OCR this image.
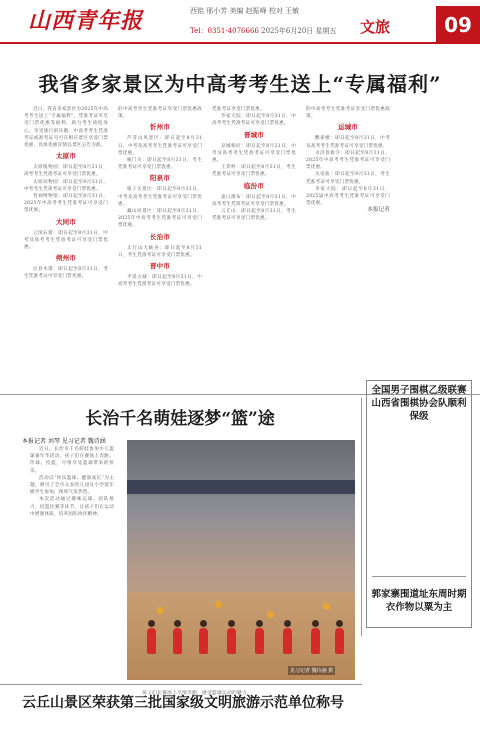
山西青年报	西铭 邢小芳 美编 赵振峰 校对 王敏
Tel：0351-4076666 2025年6月20日 星期五 文旅	09
我省多家景区为中高考考生送上“专属福利”

近日，我省多家景区为2025年中高考考生送上“专属福利”，凭准考证可享受门票优惠等福利，助力考生放松身心，享受旅行的乐趣。中高考考生凭准考证或准考证号可在相应景区享受门票优惠，具体优惠详情以景区公告为准。

太原市

太原植物园：即日起至8月31日，高考考生凭准考证可享受门票优惠。

太原动物园：即日起至8月31日，中考考生凭准考证可享受门票优惠。

晋祠博物馆：即日起至8月31日，2025年中高考考生凭准考证可享受门票优惠。

大同市

云冈石窟：即日起至8月31日，中考及高考考生凭准考证可享受门票优惠。

朔州市

应县木塔：即日起至8月31日，考生凭准考证可享受门票优惠。

的中高考考生凭准考证享受门票优惠政策。

忻州市

芦芽山风景区：即日起至8月31日，中考及高考考生凭准考证可享受门票优惠。

雁门关：即日起至8月31日，考生凭准考证可享受门票优惠。

阳泉市

娘子关景区：即日起至8月31日，中考及高考考生凭准考证可享受门票优惠。

藏山风景区：即日起至8月31日，2025年中高考考生凭准考证可享受门票优惠。

长治市

太行山大峡谷：即日起至8月31日，考生凭准考证可享受门票优惠。

晋中市

平遥古城：即日起至8月31日，中高考考生凭准考证可享受门票优惠。

凭准考证享受门票优惠。

乔家大院：即日起至8月31日，中高考考生凭准考证可享受门票优惠。

晋城市

皇城相府：即日起至8月31日，中考及高考考生凭准考证可享受门票优惠。

王莽岭：即日起至8月31日，考生凭准考证可享受门票优惠。

临汾市

壶口瀑布：即日起至8月31日，中高考考生凭准考证可享受门票优惠。

云丘山：即日起至8月31日，考生凭准考证可享受门票优惠。

的中高考考生凭准考证享受门票优惠政策。

运城市

鹳雀楼：即日起至8月31日，中考及高考考生凭准考证可享受门票优惠。

永济普救寺：即日起至8月31日，2025年中高考考生凭准考证可享受门票优惠。

关帝庙：即日起至8月31日，考生凭准考证可享受门票优惠。

李家大院：即日起至8月31日，2025届中高考考生凭准考证可享受门票优惠。

本报记者

长治千名萌娃逐梦“篮”途
本报记者 刘琴 见习记者 魏诗涵

近日，长治市千名萌娃参加少儿篮球嘉年华活动，孩子们在赛场上奔跑、传球、投篮，尽情享受篮球带来的快乐。

活动以“快乐篮球、健康成长”为主题，吸引了全市众多幼儿园及小学低年级学生参加，现场气氛热烈。

本次活动通过趣味运球、团队接力、投篮比赛等环节，让孩子们在运动中增强体质，培养团队协作精神。

见习记者 魏诗涵 摄
孩子们在赛场上尽情奔跑，感受篮球运动的魅力。
全国男子围棋乙级联赛山西省围棋协会队顺利保级
郭家寨围道址东周时期衣作物以粟为主
云丘山景区荣获第三批国家级文明旅游示范单位称号
